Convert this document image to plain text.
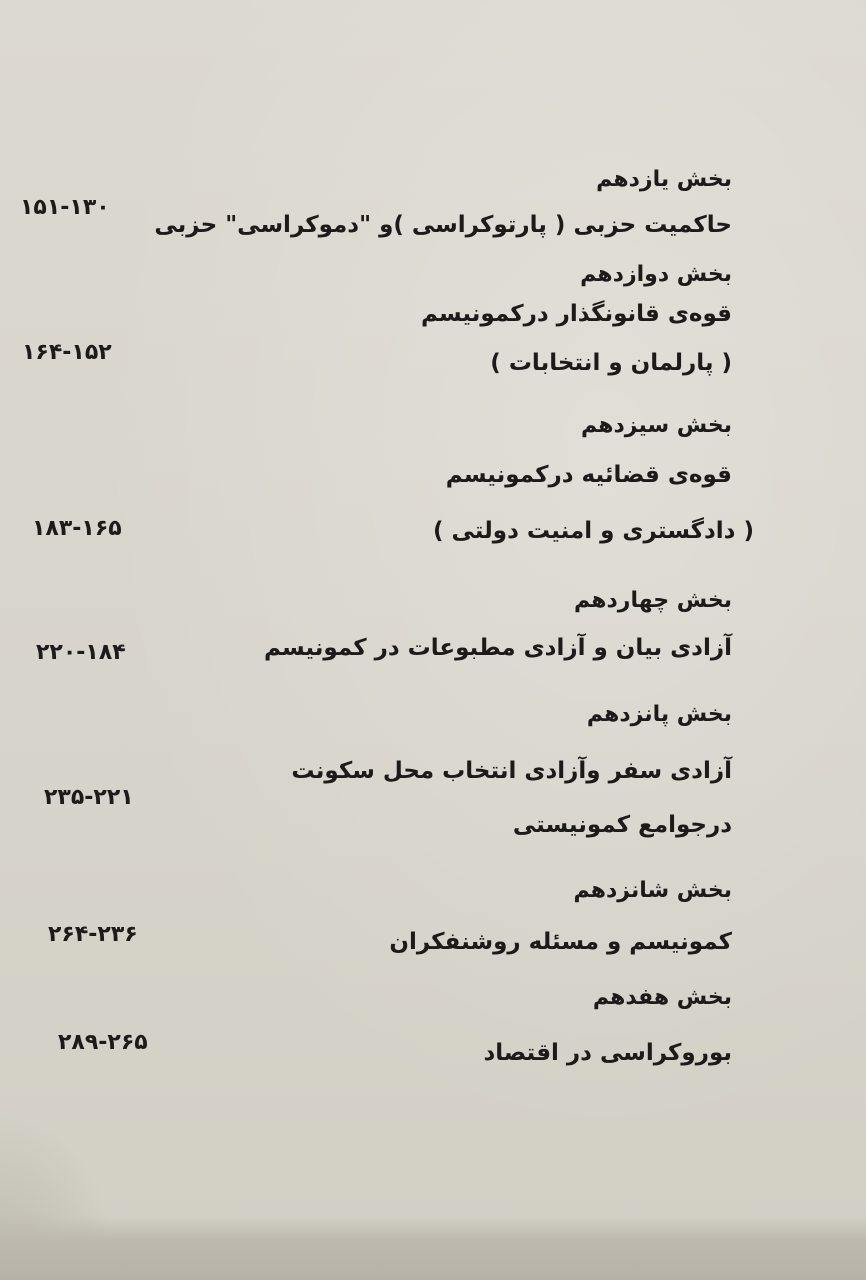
بخش یازدهم
حاکمیت حزبی ( پارتوکراسی )و "دموکراسی" حزبی
۱۵۱-۱۳۰
بخش دوازدهم
قوه‌ی قانونگذار درکمونیسم
( پارلمان و انتخابات )
۱۶۴-۱۵۲
بخش سیزدهم
قوه‌ی قضائیه درکمونیسم
( دادگستری و امنیت دولتی )
۱۸۳-۱۶۵
بخش چهاردهم
آزادی بیان و آزادی مطبوعات در کمونیسم
۲۲۰-۱۸۴
بخش پانزدهم
آزادی سفر وآزادی انتخاب محل سکونت
درجوامع کمونیستی
۲۳۵-۲۲۱
بخش شانزدهم
کمونیسم و مسئله روشنفکران
۲۶۴-۲۳۶
بخش هفدهم
بوروکراسی در اقتصاد
۲۸۹-۲۶۵
